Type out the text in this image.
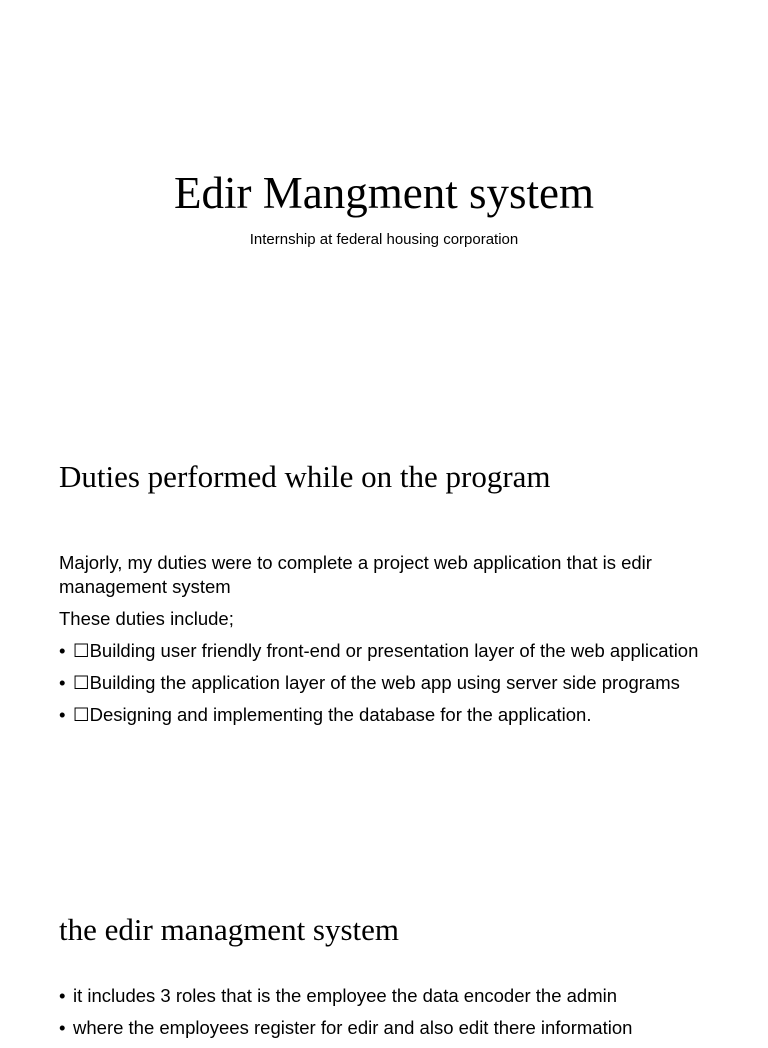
Edir Mangment system
Internship at federal housing corporation
Duties performed while on the program

Majorly, my duties were to complete a project web application that is edir management system

These duties include;

• ☐Building user friendly front-end or presentation layer of the web application
• ☐Building the application layer of the web app using server side programs
• ☐Designing and implementing the database for the application.
the edir managment system
• it includes 3 roles that is the employee the data encoder the admin
• where the employees register for edir and also edit there information
